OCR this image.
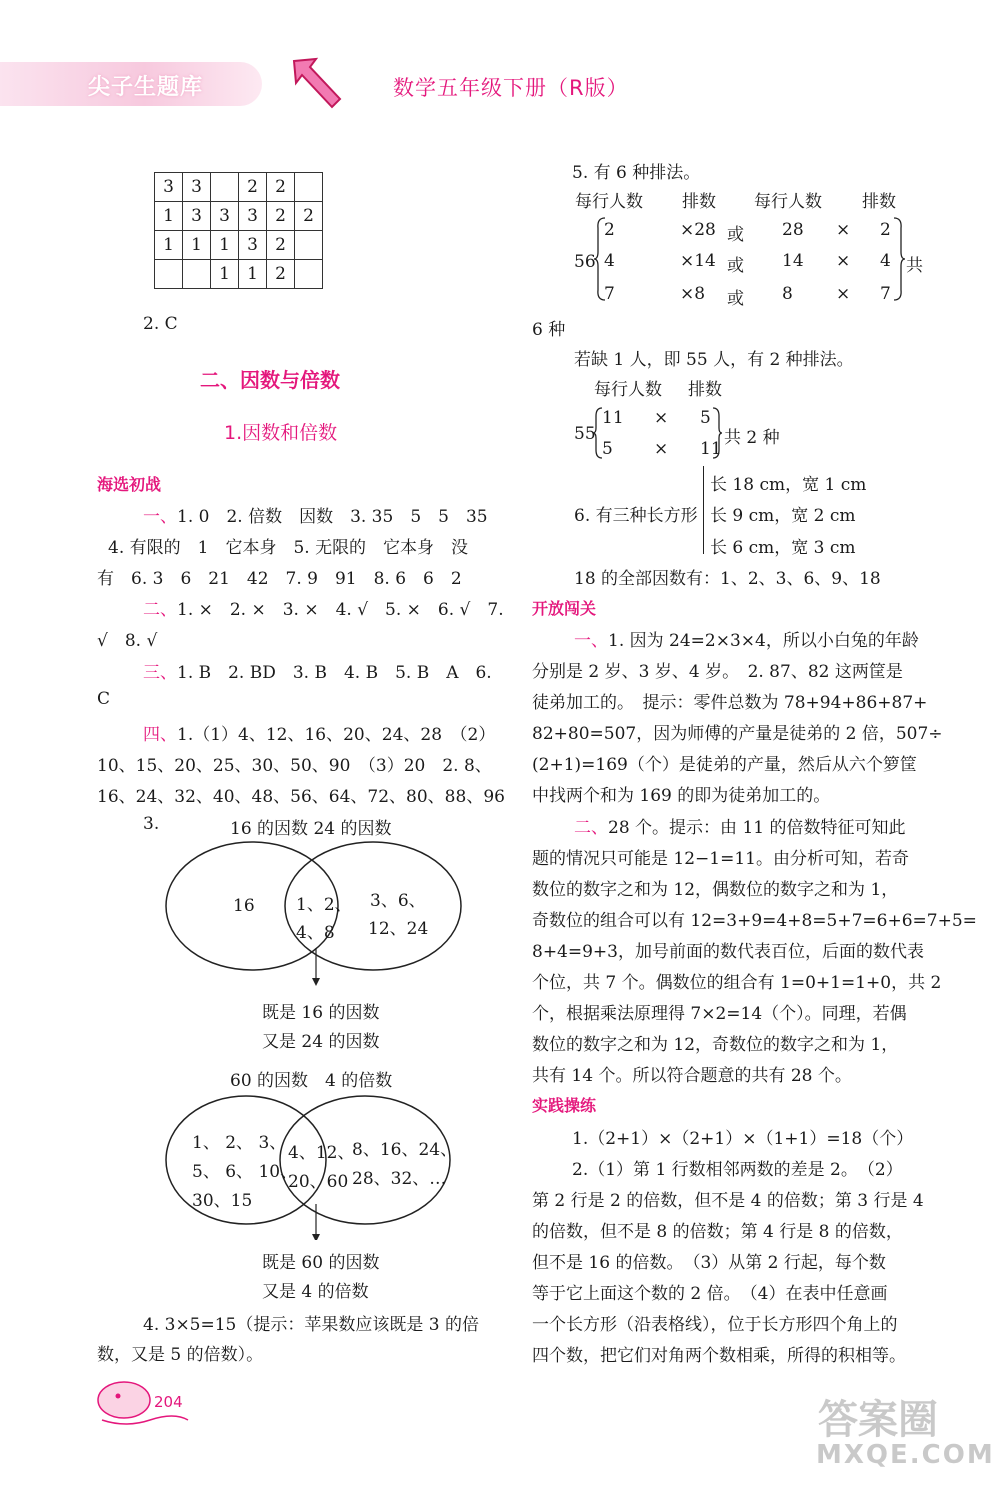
尖子生题库	数学五年级下册（R版）
3	3		2	2	
1	3	3	3	2	2
1	1	1	3	2	
		1	1	2	
2. C
二、因数与倍数
1.因数和倍数
海选初战
一、1. 0　2. 倍数　因数　3. 35　5　5　35
4. 有限的　1　它本身　5. 无限的　它本身　没
有　6. 3　6　21　42　7. 9　91　8. 6　6　2
二、1. ×　2. ×　3. ×　4. √　5. ×　6. √　7.
√　8. √
三、1. B　2. BD　3. B　4. B　5. B　A　6.
C
四、1.（1）4、12、16、20、24、28　（2）
10、15、20、25、30、50、90　（3）20　2. 8、
16、24、32、40、48、56、64、72、80、88、96
3.	16 的因数 24 的因数
16 1、2、
4、8
3、6、
12、24
既是 16 的因数
又是 24 的因数
60 的因数　4 的倍数
1、 2、 3、
5、 6、 10、
30、15
4、12、
20、60
8、16、24、
28、32、…
既是 60 的因数
又是 4 的倍数
4. 3×5=15（提示：苹果数应该既是 3 的倍
数，又是 5 的倍数）。
204
5. 有 6 种排法。
每行人数 排数 每行人数 排数
56
2	×28 或 28 × 2
4	×14 或 14 × 4
7	×8 或 8	× 7
共
6 种
若缺 1 人，即 55 人，有 2 种排法。
每行人数 排数
55
11 × 5
5 × 11
共 2 种
6. 有三种长方形
长 18 cm，宽 1 cm
长 9 cm，宽 2 cm
长 6 cm，宽 3 cm
18 的全部因数有：1、2、3、6、9、18
开放闯关
一、1. 因为 24=2×3×4，所以小白兔的年龄
分别是 2 岁、3 岁、4 岁。　2. 87、82 这两筐是
徒弟加工的。　提示：零件总数为 78+94+86+87+
82+80=507，因为师傅的产量是徒弟的 2 倍，507÷
(2+1)=169（个）是徒弟的产量，然后从六个箩筐
中找两个和为 169 的即为徒弟加工的。
二、28 个。提示：由 11 的倍数特征可知此
题的情况只可能是 12−1=11。由分析可知，若奇
数位的数字之和为 12，偶数位的数字之和为 1，
奇数位的组合可以有 12=3+9=4+8=5+7=6+6=7+5=
8+4=9+3，加号前面的数代表百位，后面的数代表
个位，共 7 个。偶数位的组合有 1=0+1=1+0，共 2
个，根据乘法原理得 7×2=14（个）。同理，若偶
数位的数字之和为 12，奇数位的数字之和为 1，
共有 14 个。所以符合题意的共有 28 个。
实践操练
1.（2+1）×（2+1）×（1+1）=18（个）
2.（1）第 1 行数相邻两数的差是 2。　（2）
第 2 行是 2 的倍数，但不是 4 的倍数；第 3 行是 4
的倍数，但不是 8 的倍数；第 4 行是 8 的倍数，
但不是 16 的倍数。　（3）从第 2 行起，每个数
等于它上面这个数的 2 倍。　（4）在表中任意画
一个长方形（沿表格线），位于长方形四个角上的
四个数，把它们对角两个数相乘，所得的积相等。
答案圈
MXQE.COM
